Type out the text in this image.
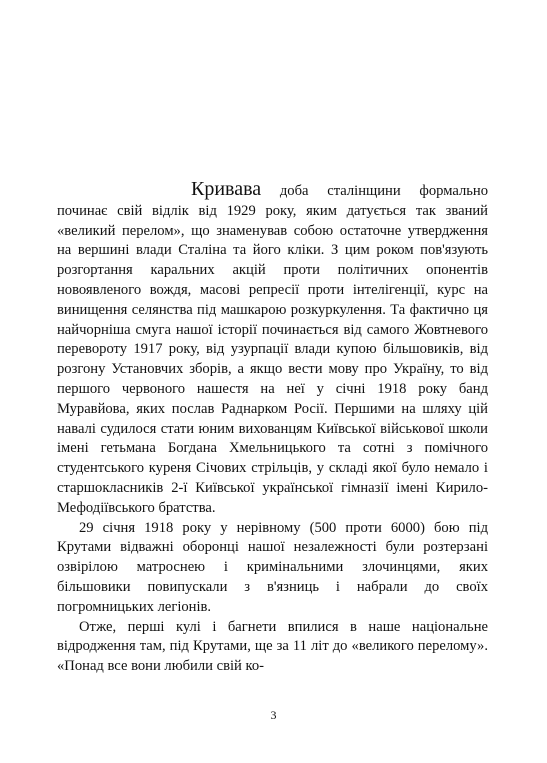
Кривава доба сталінщини формально починає свій відлік від 1929 року, яким датується так званий «великий перелом», що знаменував собою остаточне утвердження на вершині влади Сталіна та його кліки. З цим роком пов'язують розгортання каральних акцій проти політичних опонентів новоявленого вождя, масові репресії проти інтелігенції, курс на винищення селянства під машкарою розкуркулення. Та фактично ця найчорніша смуга нашої історії починається від самого Жовтневого перевороту 1917 року, від узурпації влади купою більшовиків, від розгону Установчих зборів, а якщо вести мову про Україну, то від першого червоного нашестя на неї у січні 1918 року банд Муравйова, яких послав Раднарком Росії. Першими на шляху цій навалі судилося стати юним вихованцям Київської військової школи імені гетьмана Богдана Хмельницького та сотні з помічного студентського куреня Січових стрільців, у складі якої було немало і старшокласників 2-ї Київської української гімназії імені Кирило-Мефодіївського братства.

29 січня 1918 року у нерівному (500 проти 6000) бою під Крутами відважні оборонці нашої незалежності були розтерзані озвірілою матроснею і кримінальними злочинцями, яких більшовики повипускали з в'язниць і набрали до своїх погромницьких легіонів.

Отже, перші кулі і багнети впилися в наше національне відродження там, під Крутами, ще за 11 літ до «великого перелому». «Понад все вони любили свій ко-

3
